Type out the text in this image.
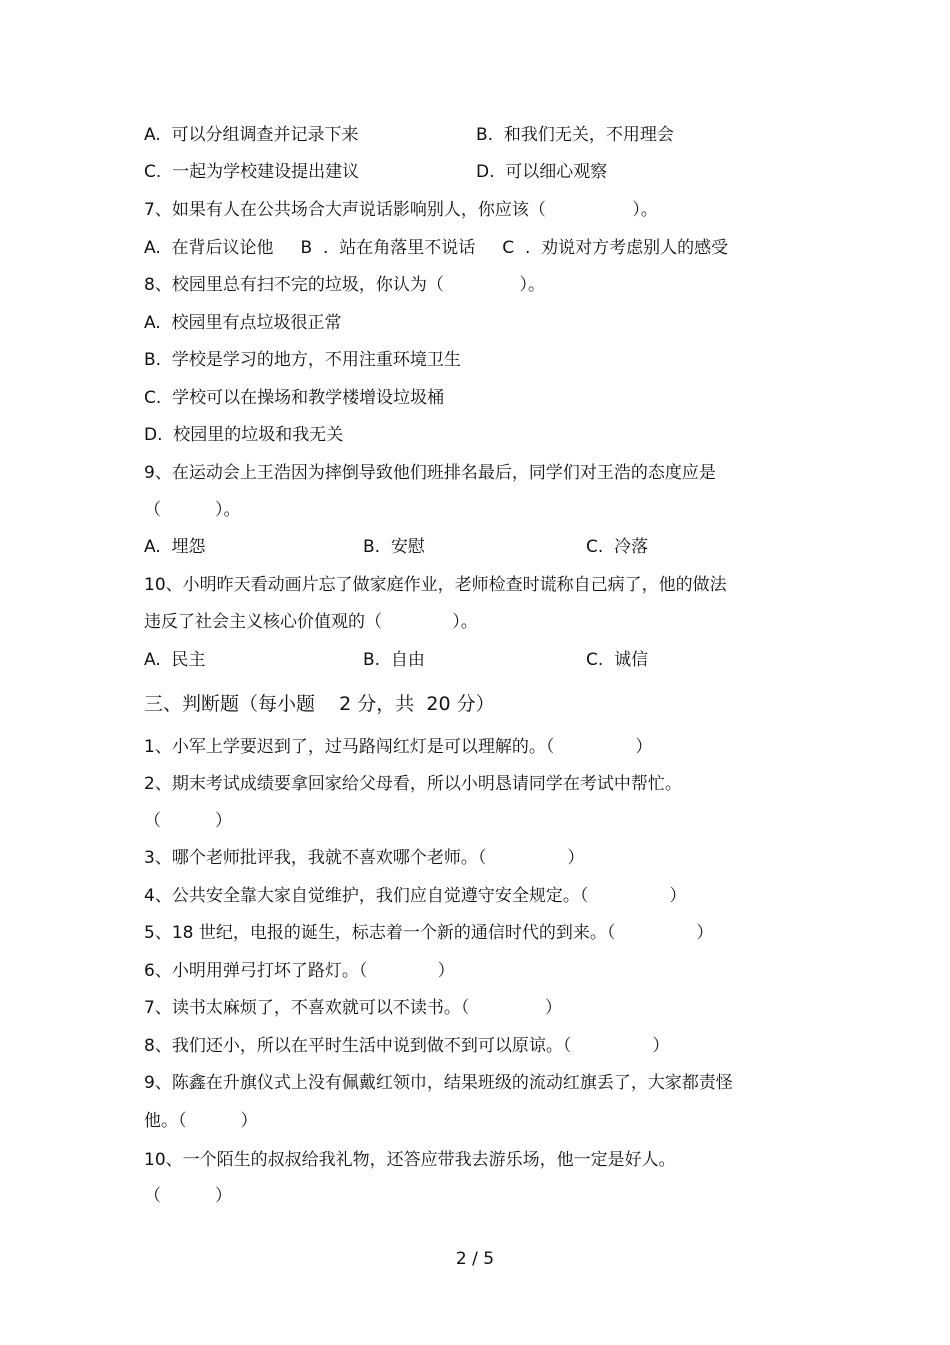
A.  可以分组调查并记录下来

	B.  和我们无关，不用理会

C.  一起为学校建设提出建议

	D.  可以细心观察

7、如果有人在公共场合大声说话影响别人，你应该（                ）。
A.  在背后议论他     B  .  站在角落里不说话     C  .  劝说对方考虑别人的感受
8、校园里总有扫不完的垃圾，你认为（              ）。
A.  校园里有点垃圾很正常
B.  学校是学习的地方，不用注重环境卫生
C.  学校可以在操场和教学楼增设垃圾桶
D.  校园里的垃圾和我无关
9、在运动会上王浩因为摔倒导致他们班排名最后，同学们对王浩的态度应是
（          ）。

A.  埋怨

	B.  安慰

	C.  冷落

10、小明昨天看动画片忘了做家庭作业，老师检查时谎称自己病了，他的做法
违反了社会主义核心价值观的（             ）。

A.  民主

	B.  自由

	C.  诚信

三、判断题（每小题    2 分，共  20 分）
1、小军上学要迟到了，过马路闯红灯是可以理解的。（               ）
2、期末考试成绩要拿回家给父母看，所以小明恳请同学在考试中帮忙。
（          ）
3、哪个老师批评我，我就不喜欢哪个老师。（               ）
4、公共安全靠大家自觉维护，我们应自觉遵守安全规定。（               ）
5、18 世纪，电报的诞生，标志着一个新的通信时代的到来。（               ）
6、小明用弹弓打坏了路灯。（             ）
7、读书太麻烦了，不喜欢就可以不读书。（              ）
8、我们还小，所以在平时生活中说到做不到可以原谅。（               ）
9、陈鑫在升旗仪式上没有佩戴红领巾，结果班级的流动红旗丢了，大家都责怪
他。（          ）
10、一个陌生的叔叔给我礼物，还答应带我去游乐场，他一定是好人。
（          ）
2 / 5
